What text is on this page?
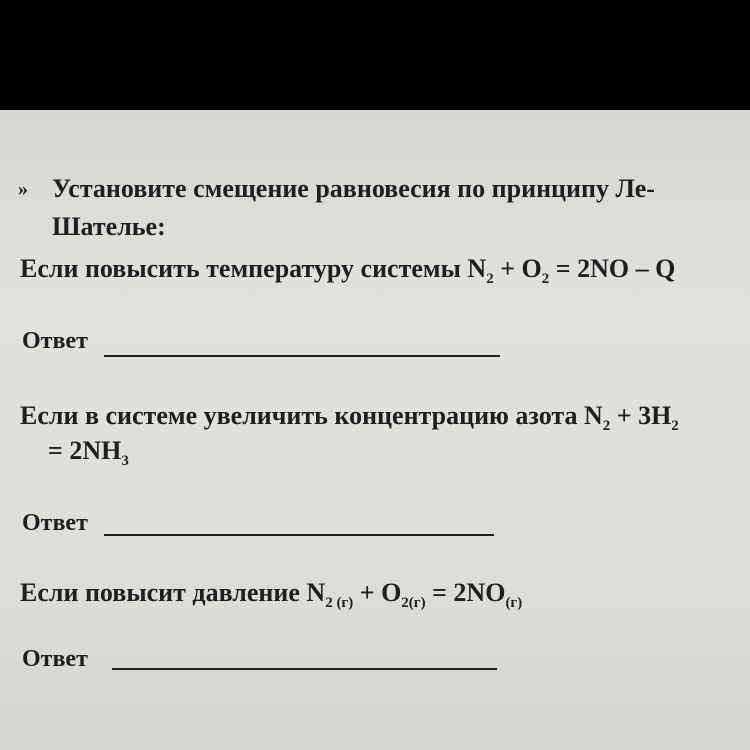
» Установите смещение равновесия по принципу Ле-
Шателье:
Если повысить температуру системы $N_2 + O_2 = 2NO - Q$
Ответ
Если в системе увеличить концентрацию азота $N_2 + 3H_2$
= $2NH_3$
Ответ
Если повысит давление $N_{2 (г)} + O_{2(г)} = 2NO_{(г)}$
Ответ
